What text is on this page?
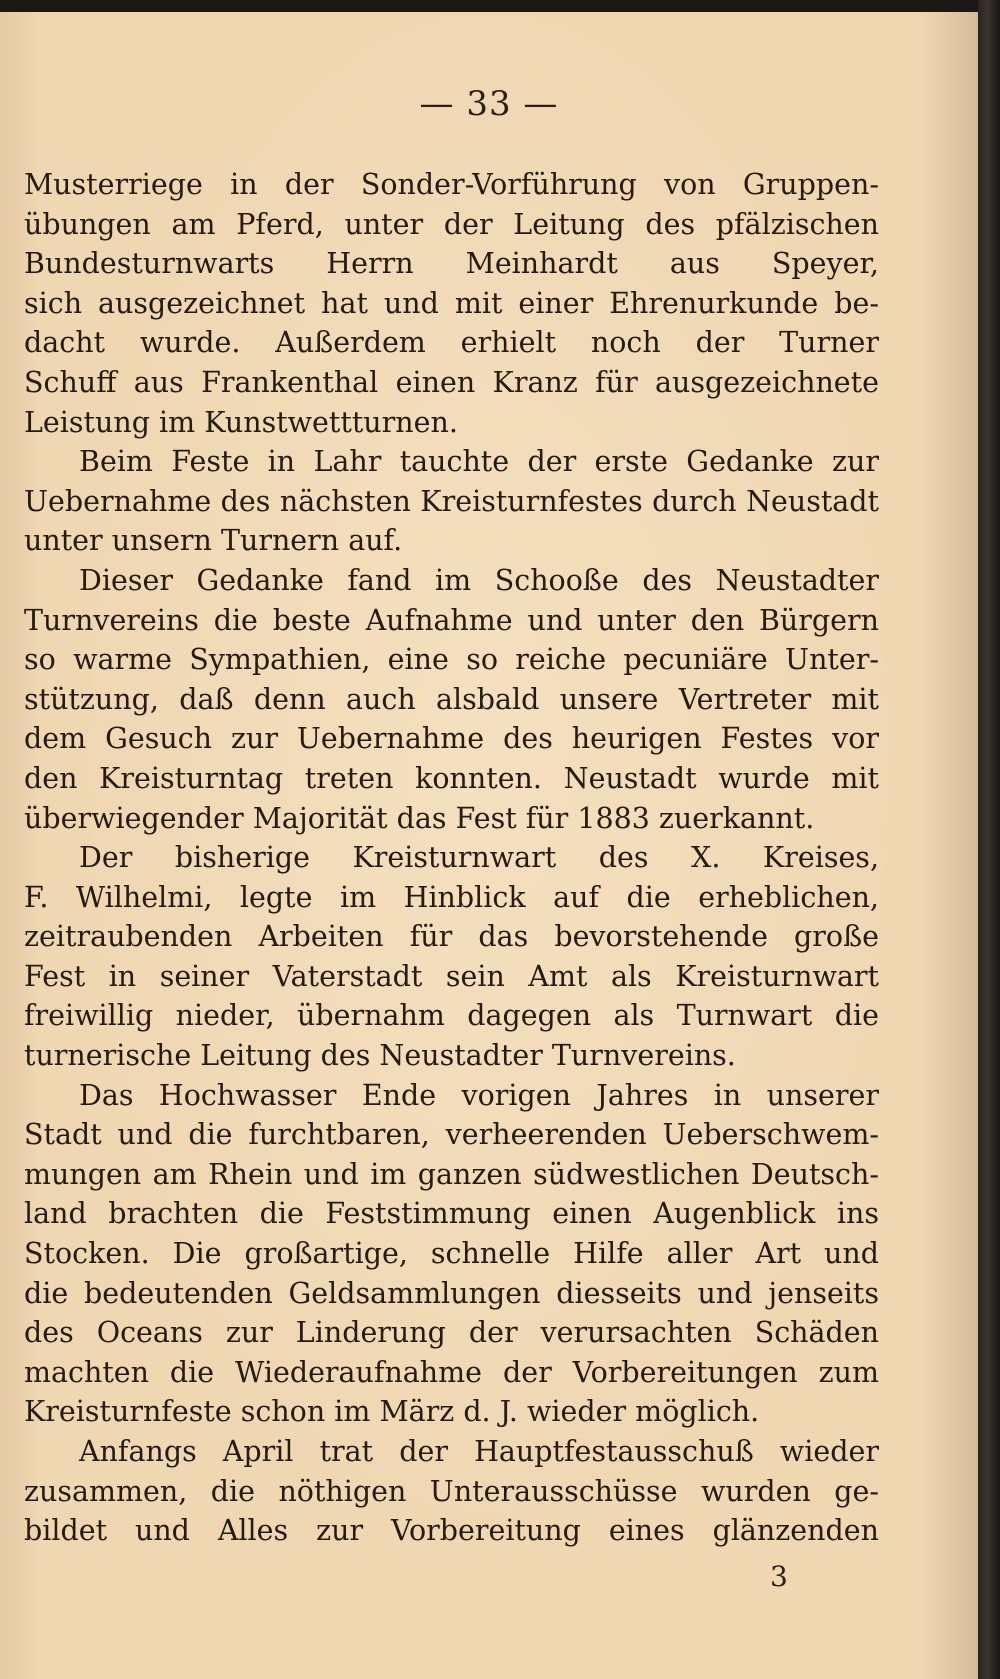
— 33 —
Musterriege in der Sonder-Vorführung von Gruppen-
übungen am Pferd, unter der Leitung des pfälzischen
Bundesturnwarts Herrn Meinhardt aus Speyer,
sich ausgezeichnet hat und mit einer Ehrenurkunde be-
dacht wurde. Außerdem erhielt noch der Turner
Schuff aus Frankenthal einen Kranz für ausgezeichnete
Leistung im Kunstwettturnen.
Beim Feste in Lahr tauchte der erste Gedanke zur
Uebernahme des nächsten Kreisturnfestes durch Neustadt
unter unsern Turnern auf.
Dieser Gedanke fand im Schooße des Neustadter
Turnvereins die beste Aufnahme und unter den Bürgern
so warme Sympathien, eine so reiche pecuniäre Unter-
stützung, daß denn auch alsbald unsere Vertreter mit
dem Gesuch zur Uebernahme des heurigen Festes vor
den Kreisturntag treten konnten. Neustadt wurde mit
überwiegender Majorität das Fest für 1883 zuerkannt.
Der bisherige Kreisturnwart des X. Kreises,
F. Wilhelmi, legte im Hinblick auf die erheblichen,
zeitraubenden Arbeiten für das bevorstehende große
Fest in seiner Vaterstadt sein Amt als Kreisturnwart
freiwillig nieder, übernahm dagegen als Turnwart die
turnerische Leitung des Neustadter Turnvereins.
Das Hochwasser Ende vorigen Jahres in unserer
Stadt und die furchtbaren, verheerenden Ueberschwem-
mungen am Rhein und im ganzen südwestlichen Deutsch-
land brachten die Feststimmung einen Augenblick ins
Stocken. Die großartige, schnelle Hilfe aller Art und
die bedeutenden Geldsammlungen diesseits und jenseits
des Oceans zur Linderung der verursachten Schäden
machten die Wiederaufnahme der Vorbereitungen zum
Kreisturnfeste schon im März d. J. wieder möglich.
Anfangs April trat der Hauptfestausschuß wieder
zusammen, die nöthigen Unterausschüsse wurden ge-
bildet und Alles zur Vorbereitung eines glänzenden
3
